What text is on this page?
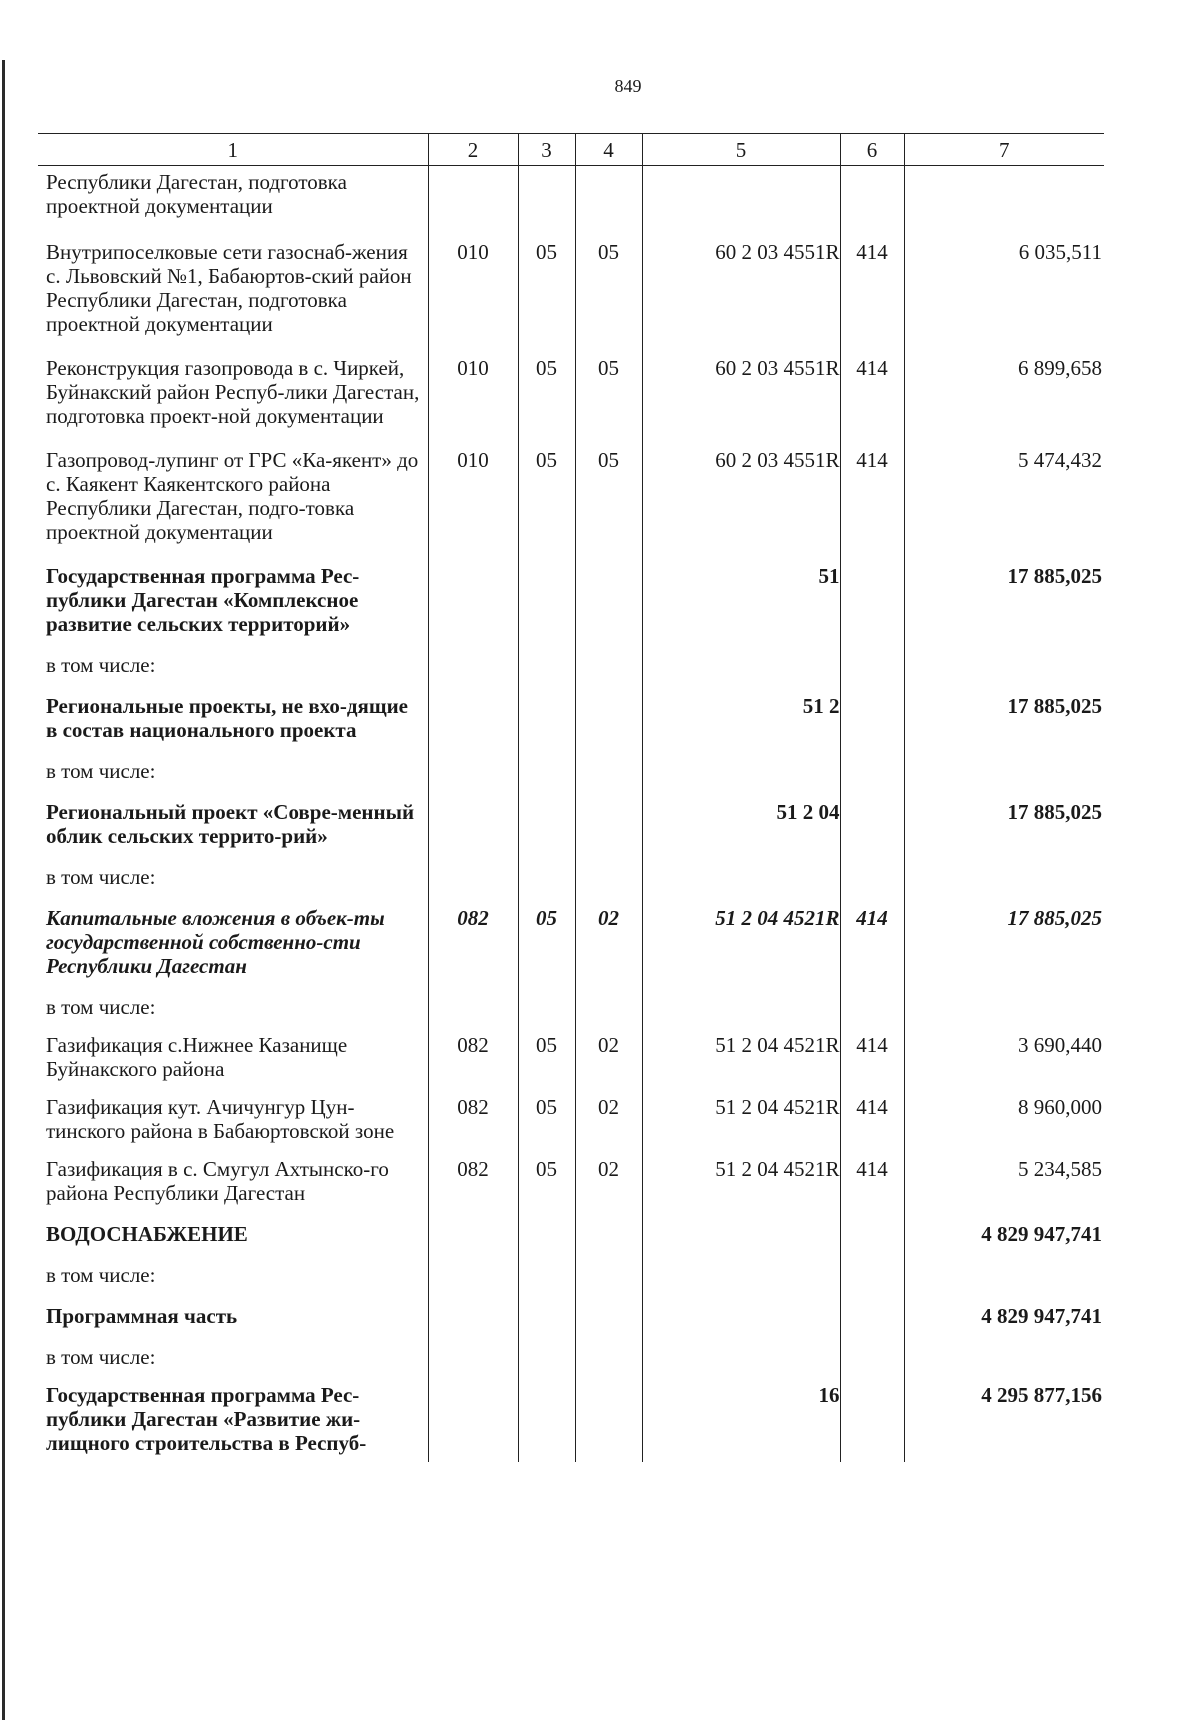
849
1	2	3	4	5	6	7
Республики Дагестан, подготовка проектной документации						
Внутрипоселковые сети газоснаб-жения с. Львовский №1, Бабаюртов-ский район Республики Дагестан, подготовка проектной документации	010	05	05	60 2 03 4551R	414	6 035,511
Реконструкция газопровода в с. Чиркей, Буйнакский район Респуб-лики Дагестан, подготовка проект-ной документации	010	05	05	60 2 03 4551R	414	6 899,658
Газопровод-лупинг от ГРС «Ка-якент» до с. Каякент Каякентского района Республики Дагестан, подго-товка проектной документации	010	05	05	60 2 03 4551R	414	5 474,432
Государственная программа Рес-публики Дагестан «Комплексное развитие сельских территорий»				51		17 885,025
в том числе:						
Региональные проекты, не вхо-дящие в состав национального проекта				51 2		17 885,025
в том числе:						
Региональный проект «Совре-менный облик сельских террито-рий»				51 2 04		17 885,025
в том числе:						
Капитальные вложения в объек-ты государственной собственно-сти Республики Дагестан	082	05	02	51 2 04 4521R	414	17 885,025
в том числе:						
Газификация с.Нижнее Казанище Буйнакского района	082	05	02	51 2 04 4521R	414	3 690,440
Газификация кут. Ачичунгур Цун-тинского района в Бабаюртовской зоне	082	05	02	51 2 04 4521R	414	8 960,000
Газификация в с. Смугул Ахтынско-го района Республики Дагестан	082	05	02	51 2 04 4521R	414	5 234,585
ВОДОСНАБЖЕНИЕ						4 829 947,741
в том числе:						
Программная часть						4 829 947,741
в том числе:						
Государственная программа Рес-публики Дагестан «Развитие жи-лищного строительства в Респуб-				16		4 295 877,156
